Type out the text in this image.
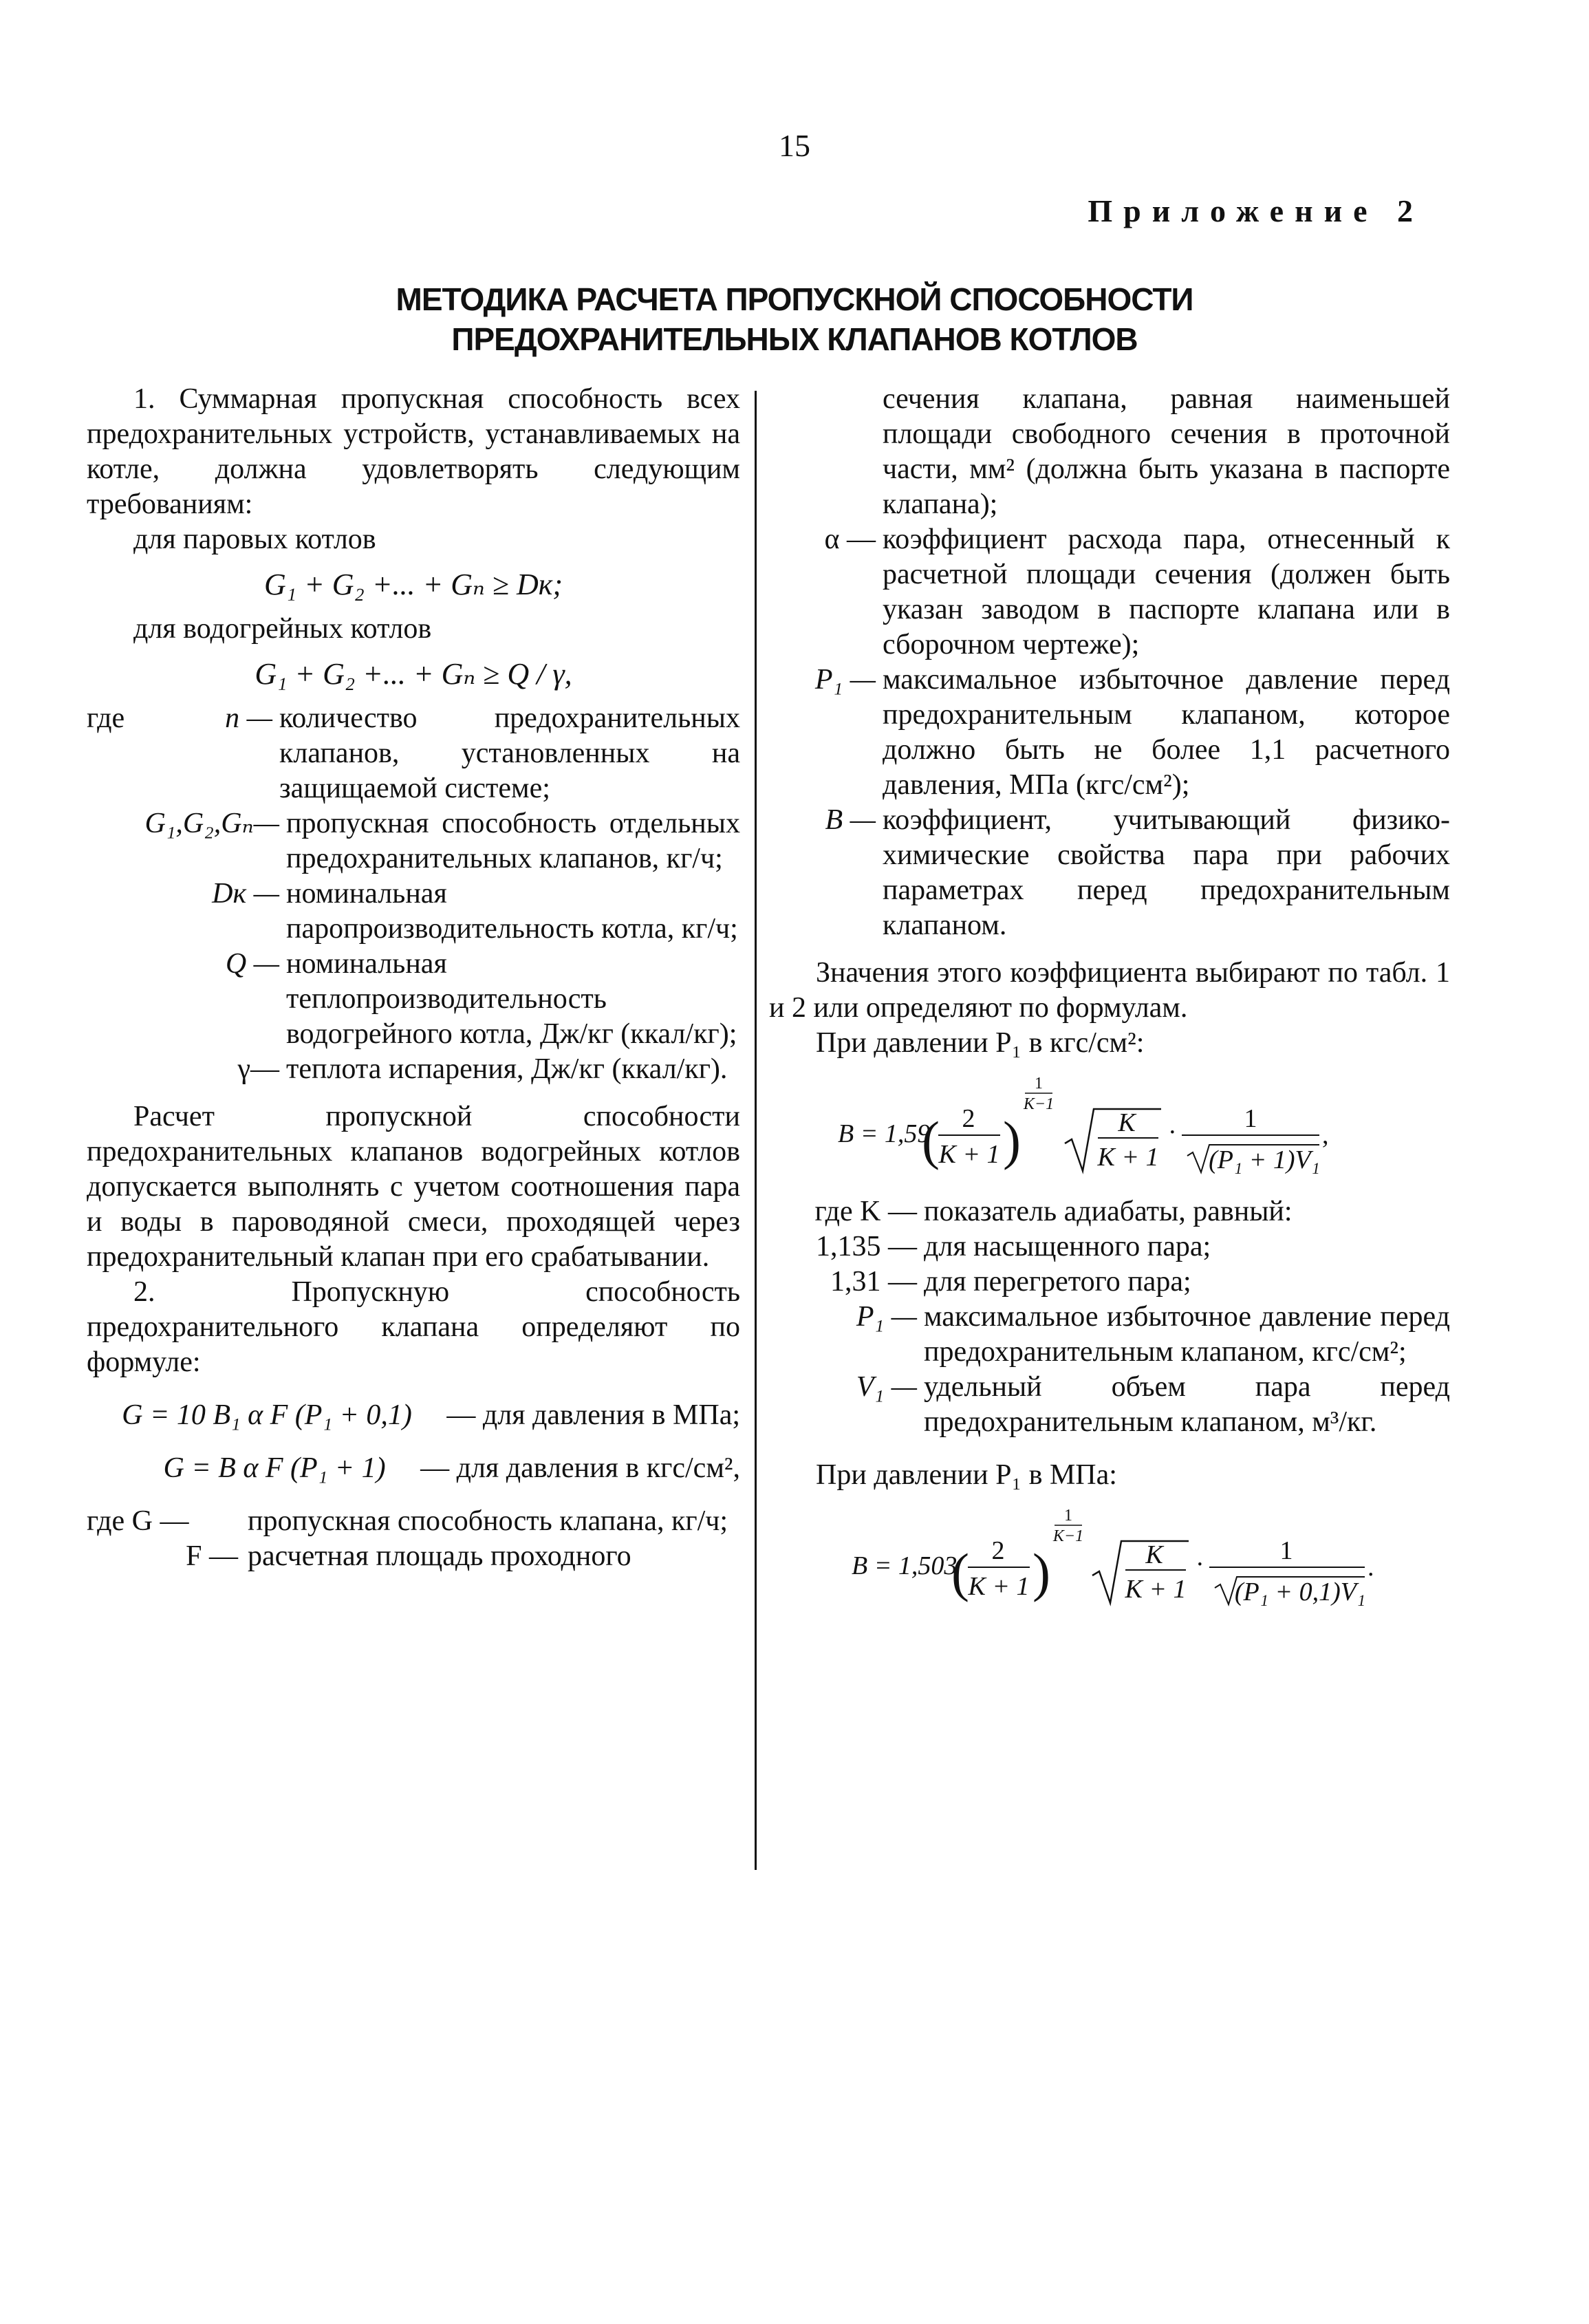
15
Приложение 2
МЕТОДИКА РАСЧЕТА ПРОПУСКНОЙ СПОСОБНОСТИ
ПРЕДОХРАНИТЕЛЬНЫХ КЛАПАНОВ КОТЛОВ

1. Суммарная пропускная способность всех предохранительных устройств, устанавливаемых на котле, должна удовлетворять следующим требованиям:

для паровых котлов

G₁ + G₂ +... + Gₙ ≥ Dк;

для водогрейных котлов

G₁ + G₂ +... + Gₙ ≥ Q / γ,
где	n — количество предохранительных клапанов, установленных на защищаемой системе;
G₁,G₂,Gₙ— пропускная способность отдельных предохранительных клапанов, кг/ч;
Dк — номинальная паропроизводительность котла, кг/ч;
Q — номинальная теплопроизводительность водогрейного котла, Дж/кг (ккал/кг);
γ— теплота испарения, Дж/кг (ккал/кг).

Расчет пропускной способности предохранительных клапанов водогрейных котлов допускается выполнять с учетом соотношения пара и воды в пароводяной смеси, проходящей через предохранительный клапан при его срабатывании.

2. Пропускную способность предохранительного клапана определяют по формуле:

G = 10 B₁ α F (P₁ + 0,1) — для давления в МПа;
G = B α F (P₁ + 1) — для давления в кгс/см²,
где G —	пропускная способность клапана, кг/ч;
F — расчетная площадь проходного
сечения клапана, равная наименьшей площади свободного сечения в проточной части, мм² (должна быть указана в паспорте клапана);
α — коэффициент расхода пара, отнесенный к расчетной площади сечения (должен быть указан заводом в паспорте клапана или в сборочном чертеже);
P₁ — максимальное избыточное давление перед предохранительным клапаном, которое должно быть не более 1,1 расчетного давления, МПа (кгс/см²);
B — коэффициент, учитывающий физико-химические свойства пара при рабочих параметрах перед предохранительным клапаном.

Значения этого коэффициента выбирают по табл. 1 и 2 или определяют по формулам.

При давлении P₁ в кгс/см²:

B = 1,59
( 2
K + 1 )
1
K−1
K
K + 1
·	1
(P₁ + 1)V₁
,
где K — показатель адиабаты, равный:
1,135 — для насыщенного пара;
1,31 — для перегретого пара;
P₁ — максимальное избыточное давление перед предохранительным клапаном, кгс/см²;
V₁ — удельный объем пара перед предохранительным клапаном, м³/кг.

При давлении P₁ в МПа:

B = 1,503
( 2
K + 1 )
1
K−1
K
K + 1
·	1
(P₁ + 0,1)V₁
.
